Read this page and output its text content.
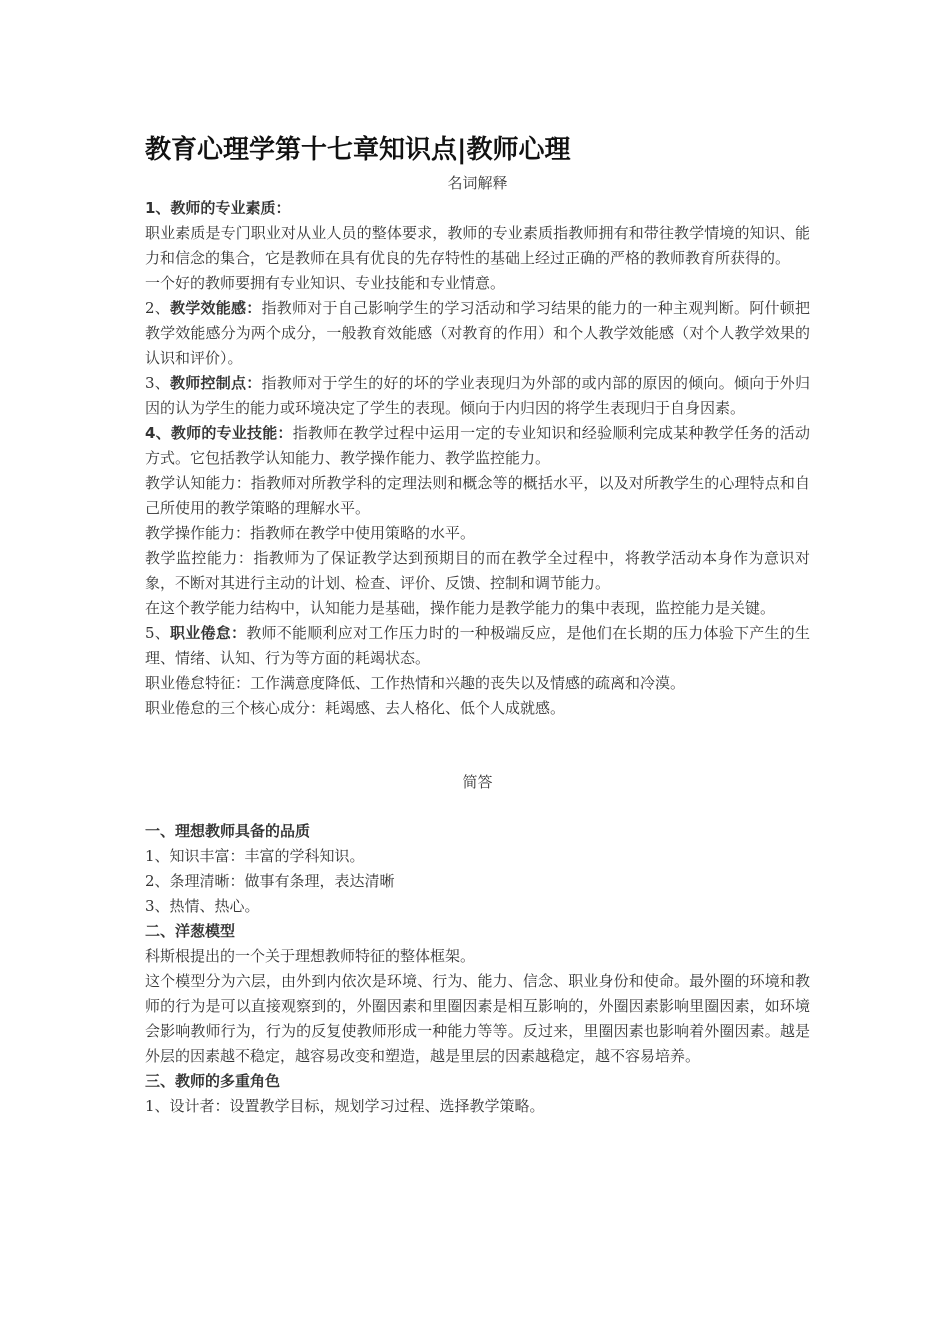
教育心理学第十七章知识点|教师心理
名词解释

1、教师的专业素质：

职业素质是专门职业对从业人员的整体要求，教师的专业素质指教师拥有和带往教学情境的知识、能力和信念的集合，它是教师在具有优良的先存特性的基础上经过正确的严格的教师教育所获得的。

一个好的教师要拥有专业知识、专业技能和专业情意。

2、教学效能感：指教师对于自己影响学生的学习活动和学习结果的能力的一种主观判断。阿什顿把教学效能感分为两个成分，一般教育效能感（对教育的作用）和个人教学效能感（对个人教学效果的认识和评价）。

3、教师控制点：指教师对于学生的好的坏的学业表现归为外部的或内部的原因的倾向。倾向于外归因的认为学生的能力或环境决定了学生的表现。倾向于内归因的将学生表现归于自身因素。

4、教师的专业技能：指教师在教学过程中运用一定的专业知识和经验顺利完成某种教学任务的活动方式。它包括教学认知能力、教学操作能力、教学监控能力。

教学认知能力：指教师对所教学科的定理法则和概念等的概括水平，以及对所教学生的心理特点和自己所使用的教学策略的理解水平。

教学操作能力：指教师在教学中使用策略的水平。

教学监控能力：指教师为了保证教学达到预期目的而在教学全过程中，将教学活动本身作为意识对象，不断对其进行主动的计划、检查、评价、反馈、控制和调节能力。

在这个教学能力结构中，认知能力是基础，操作能力是教学能力的集中表现，监控能力是关键。

5、职业倦怠：教师不能顺利应对工作压力时的一种极端反应，是他们在长期的压力体验下产生的生理、情绪、认知、行为等方面的耗竭状态。

职业倦怠特征：工作满意度降低、工作热情和兴趣的丧失以及情感的疏离和冷漠。

职业倦怠的三个核心成分：耗竭感、去人格化、低个人成就感。

简答

一、理想教师具备的品质

1、知识丰富：丰富的学科知识。

2、条理清晰：做事有条理，表达清晰

3、热情、热心。

二、洋葱模型

科斯根提出的一个关于理想教师特征的整体框架。

这个模型分为六层，由外到内依次是环境、行为、能力、信念、职业身份和使命。最外圈的环境和教师的行为是可以直接观察到的，外圈因素和里圈因素是相互影响的，外圈因素影响里圈因素，如环境会影响教师行为，行为的反复使教师形成一种能力等等。反过来，里圈因素也影响着外圈因素。越是外层的因素越不稳定，越容易改变和塑造，越是里层的因素越稳定，越不容易培养。

三、教师的多重角色

1、设计者：设置教学目标，规划学习过程、选择教学策略。
